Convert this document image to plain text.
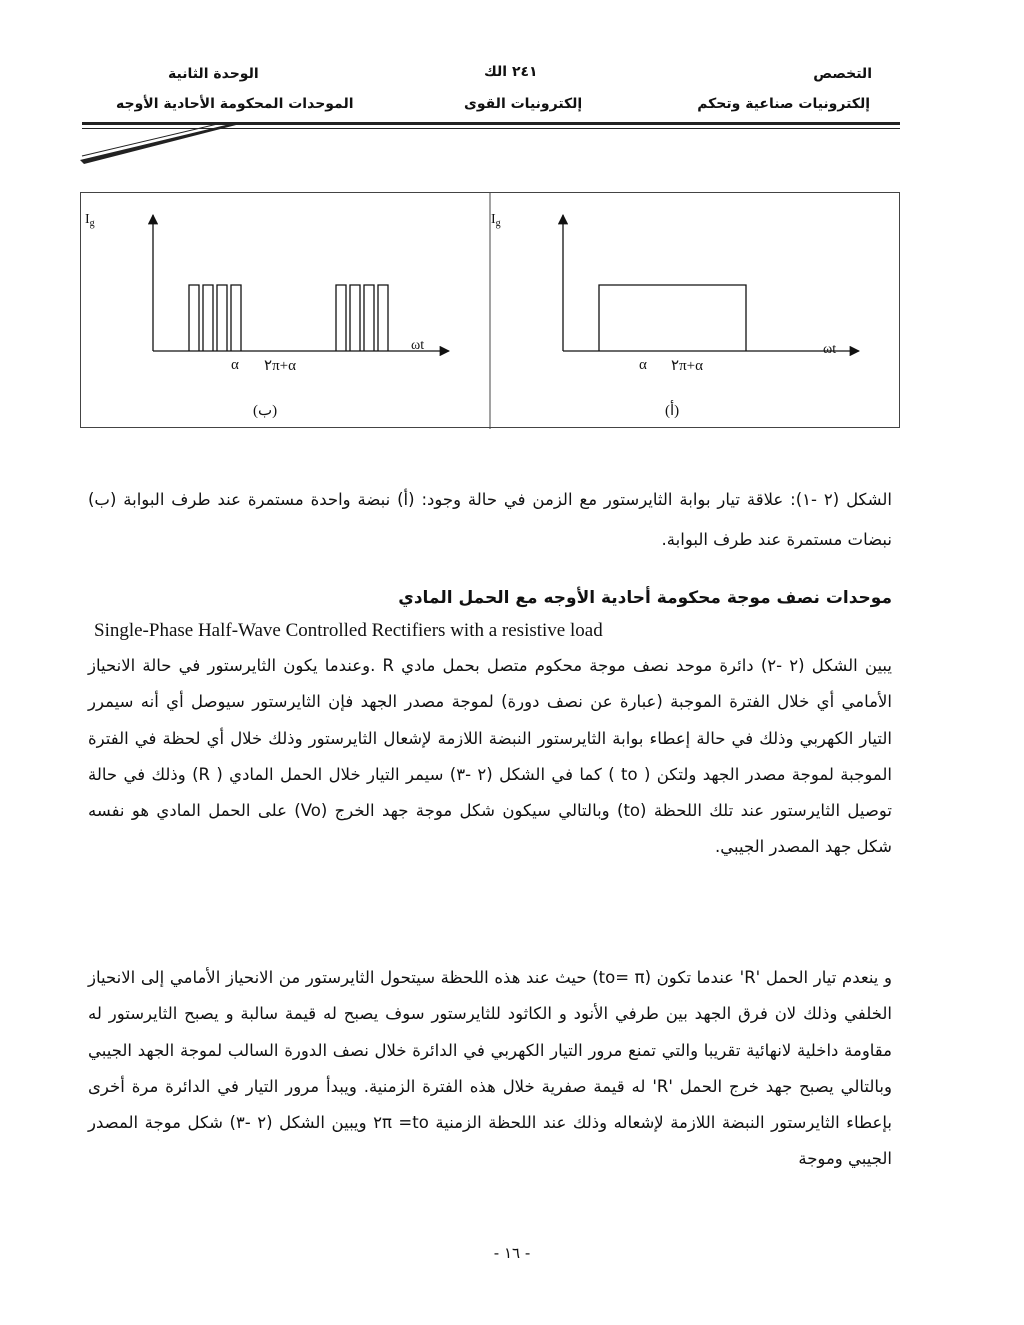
التخصص
إلكترونيات صناعية وتحكم
٢٤١ الك
إلكترونيات القوى
الوحدة الثانية
الموحدات المحكومة الأحادية الأوجه
$I_g$
ωt
α ٢π+α
(ب)
$I_g$
ωt
α ٢π+α
(أ)
الشكل (٢ -١): علاقة تيار بوابة الثايرستور مع الزمن في حالة وجود: (أ) نبضة واحدة مستمرة عند طرف البوابة (ب) نبضات مستمرة عند طرف البوابة.
موحدات نصف موجة محكومة أحادية الأوجه مع الحمل المادي
Single-Phase Half-Wave Controlled Rectifiers with a resistive load
يبين الشكل (٢ -٢) دائرة موحد نصف موجة محكوم متصل بحمل مادي R .وعندما يكون الثايرستور في حالة الانحياز الأمامي أي خلال الفترة الموجبة (عبارة عن نصف دورة) لموجة مصدر الجهد فإن الثايرستور سيوصل أي أنه سيمرر التيار الكهربي وذلك في حالة إعطاء بوابة الثايرستور النبضة اللازمة لإشعال الثايرستور وذلك خلال أي لحظة في الفترة الموجبة لموجة مصدر الجهد ولتكن ( to ) كما في الشكل (٢ -٣) سيمر التيار خلال الحمل المادي ( R) وذلك في حالة توصيل الثايرستور عند تلك اللحظة (to) وبالتالي سيكون شكل موجة جهد الخرج (Vo) على الحمل المادي هو نفسه شكل جهد المصدر الجيبي.
و ينعدم تيار الحمل 'R' عندما تكون (to= π) حيث عند هذه اللحظة سيتحول الثايرستور من الانحياز الأمامي إلى الانحياز الخلفي وذلك لان فرق الجهد بين طرفي الأنود و الكاثود للثايرستور سوف يصبح له قيمة سالبة و يصبح الثايرستور له مقاومة داخلية لانهائية تقريبا والتي تمنع مرور التيار الكهربي في الدائرة خلال نصف الدورة السالب لموجة الجهد الجيبي وبالتالي يصبح جهد خرج الحمل 'R' له قيمة صفرية خلال هذه الفترة الزمنية. ويبدأ مرور التيار في الدائرة مرة أخرى بإعطاء الثايرستور النبضة اللازمة لإشعاله وذلك عند اللحظة الزمنية to= ٢π ويبين الشكل (٢ -٣) شكل موجة المصدر الجيبي وموجة
- ١٦ -
